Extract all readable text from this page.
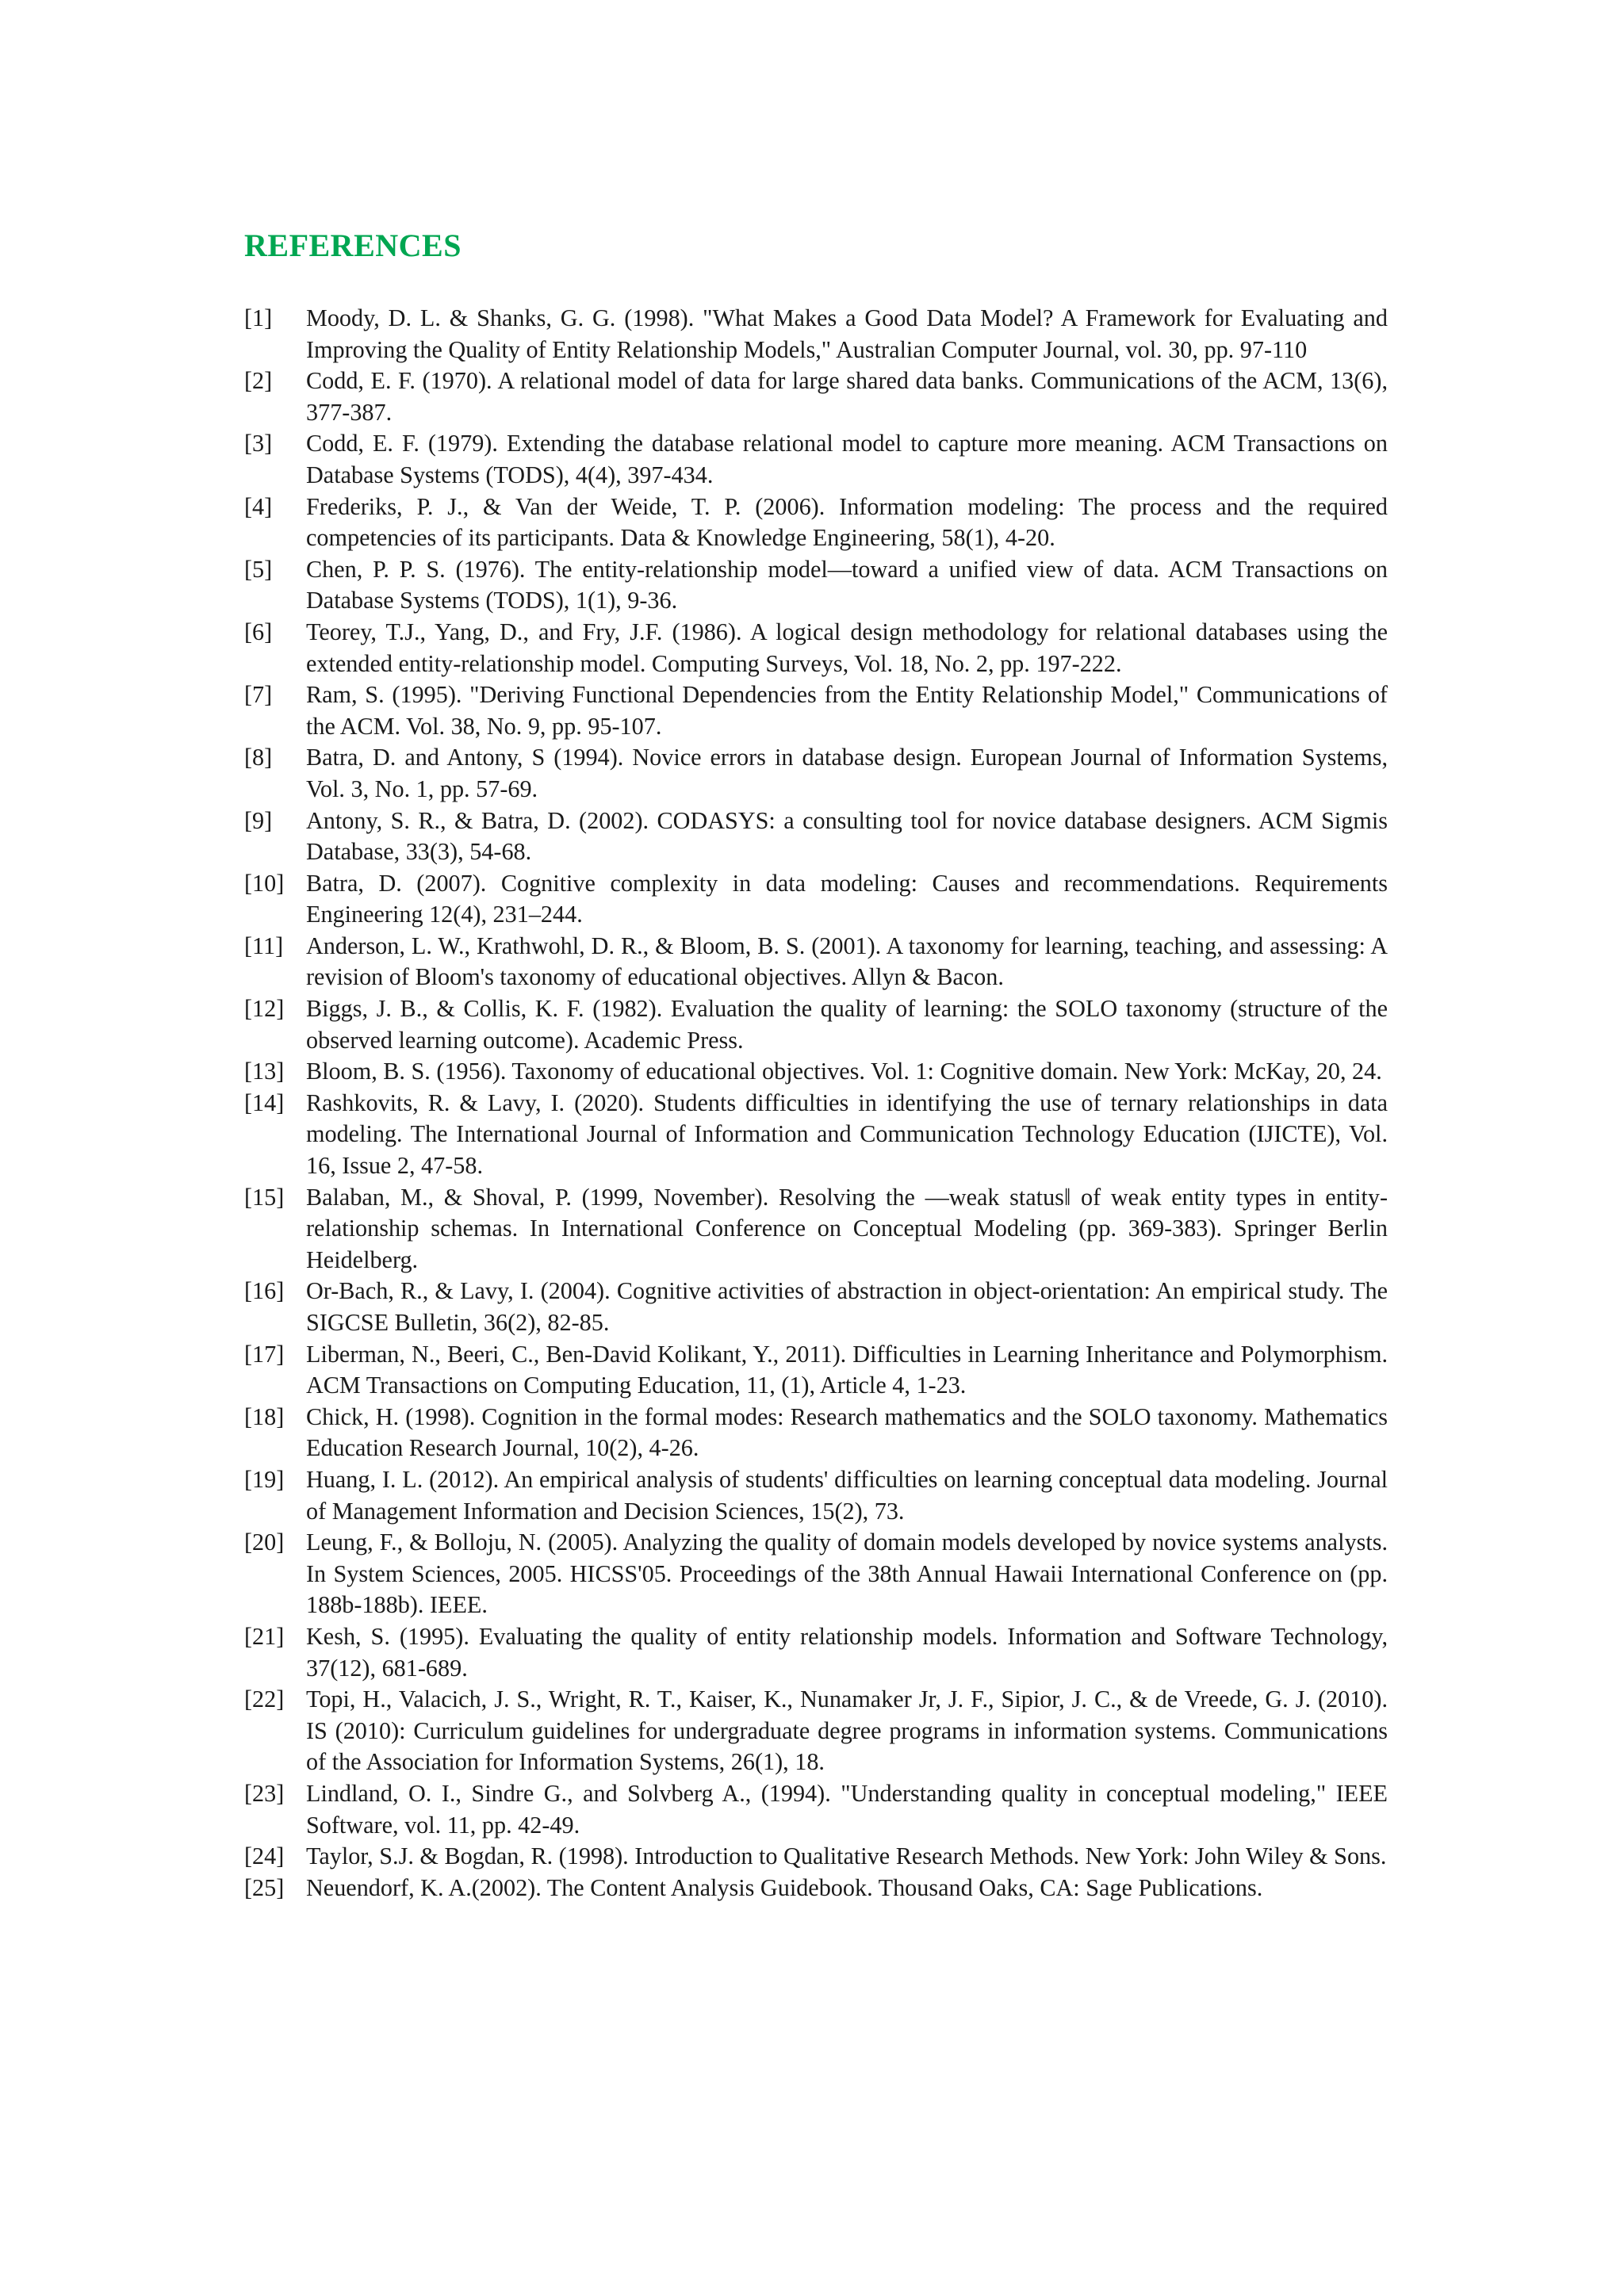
REFERENCES
[1]	Moody, D. L. & Shanks, G. G. (1998). "What Makes a Good Data Model? A Framework for Evaluating and Improving the Quality of Entity Relationship Models," Australian Computer Journal, vol. 30, pp. 97-110
[2]	Codd, E. F. (1970). A relational model of data for large shared data banks. Communications of the ACM, 13(6), 377-387.
[3]	Codd, E. F. (1979). Extending the database relational model to capture more meaning. ACM Transactions on Database Systems (TODS), 4(4), 397-434.
[4]	Frederiks, P. J., & Van der Weide, T. P. (2006). Information modeling: The process and the required competencies of its participants. Data & Knowledge Engineering, 58(1), 4-20.
[5]	Chen, P. P. S. (1976). The entity-relationship model—toward a unified view of data. ACM Transactions on Database Systems (TODS), 1(1), 9-36.
[6]	Teorey, T.J., Yang, D., and Fry, J.F. (1986). A logical design methodology for relational databases using the extended entity-relationship model. Computing Surveys, Vol. 18, No. 2, pp. 197-222.
[7]	Ram, S. (1995). "Deriving Functional Dependencies from the Entity Relationship Model," Communications of the ACM. Vol. 38, No. 9, pp. 95-107.
[8]	Batra, D. and Antony, S (1994). Novice errors in database design. European Journal of Information Systems, Vol. 3, No. 1, pp. 57-69.
[9]	Antony, S. R., & Batra, D. (2002). CODASYS: a consulting tool for novice database designers. ACM Sigmis Database, 33(3), 54-68.
[10] Batra, D. (2007). Cognitive complexity in data modeling: Causes and recommendations. Requirements Engineering 12(4), 231–244.
[11] Anderson, L. W., Krathwohl, D. R., & Bloom, B. S. (2001). A taxonomy for learning, teaching, and assessing: A revision of Bloom's taxonomy of educational objectives. Allyn & Bacon.
[12] Biggs, J. B., & Collis, K. F. (1982). Evaluation the quality of learning: the SOLO taxonomy (structure of the observed learning outcome). Academic Press.
[13] Bloom, B. S. (1956). Taxonomy of educational objectives. Vol. 1: Cognitive domain. New York: McKay, 20, 24.
[14] Rashkovits, R. & Lavy, I. (2020). Students difficulties in identifying the use of ternary relationships in data modeling. The International Journal of Information and Communication Technology Education (IJICTE), Vol. 16, Issue 2, 47-58.
[15] Balaban, M., & Shoval, P. (1999, November). Resolving the ―weak status‖ of weak entity types in entity-relationship schemas. In International Conference on Conceptual Modeling (pp. 369-383). Springer Berlin Heidelberg.
[16] Or-Bach, R., & Lavy, I. (2004). Cognitive activities of abstraction in object-orientation: An empirical study. The SIGCSE Bulletin, 36(2), 82-85.
[17] Liberman, N., Beeri, C., Ben-David Kolikant, Y., 2011). Difficulties in Learning Inheritance and Polymorphism. ACM Transactions on Computing Education, 11, (1), Article 4, 1-23.
[18] Chick, H. (1998). Cognition in the formal modes: Research mathematics and the SOLO taxonomy. Mathematics Education Research Journal, 10(2), 4-26.
[19] Huang, I. L. (2012). An empirical analysis of students' difficulties on learning conceptual data modeling. Journal of Management Information and Decision Sciences, 15(2), 73.
[20] Leung, F., & Bolloju, N. (2005). Analyzing the quality of domain models developed by novice systems analysts. In System Sciences, 2005. HICSS'05. Proceedings of the 38th Annual Hawaii International Conference on (pp. 188b-188b). IEEE.
[21] Kesh, S. (1995). Evaluating the quality of entity relationship models. Information and Software Technology, 37(12), 681-689.
[22] Topi, H., Valacich, J. S., Wright, R. T., Kaiser, K., Nunamaker Jr, J. F., Sipior, J. C., & de Vreede, G. J. (2010). IS (2010): Curriculum guidelines for undergraduate degree programs in information systems. Communications of the Association for Information Systems, 26(1), 18.
[23] Lindland, O. I., Sindre G., and Solvberg A., (1994). "Understanding quality in conceptual modeling," IEEE Software, vol. 11, pp. 42-49.
[24] Taylor, S.J. & Bogdan, R. (1998). Introduction to Qualitative Research Methods. New York: John Wiley & Sons.
[25] Neuendorf, K. A.(2002). The Content Analysis Guidebook. Thousand Oaks, CA: Sage Publications.
